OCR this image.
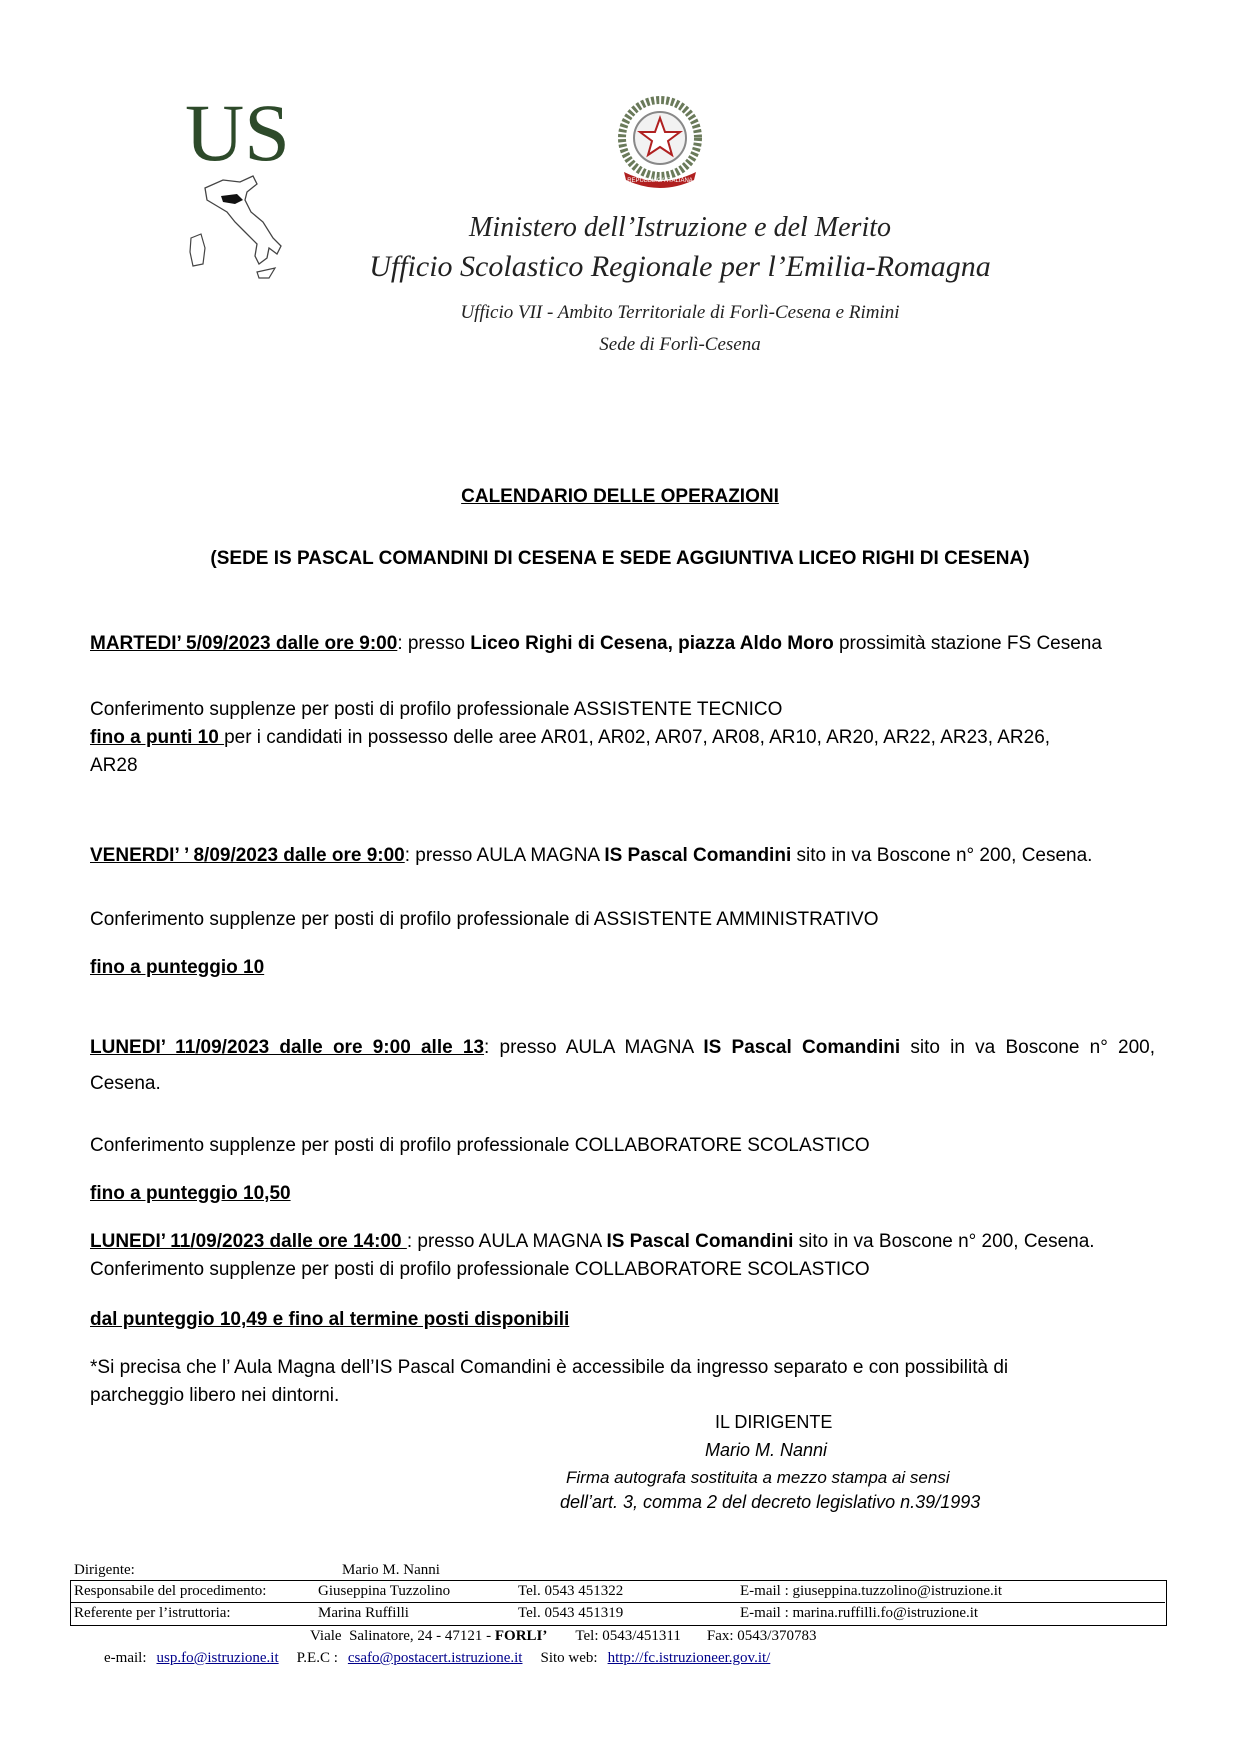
US
REPUBBLICA ITALIANA
Ministero dell’Istruzione e del Merito
Ufficio Scolastico Regionale per l’Emilia-Romagna
Ufficio VII - Ambito Territoriale di Forlì-Cesena e Rimini
Sede di Forlì-Cesena
CALENDARIO DELLE OPERAZIONI
(SEDE IS PASCAL COMANDINI DI CESENA E SEDE AGGIUNTIVA LICEO RIGHI DI CESENA)
MARTEDI’ 5/09/2023 dalle ore 9:00: presso Liceo Righi di Cesena, piazza Aldo Moro prossimità stazione FS Cesena
Conferimento supplenze per posti di profilo professionale ASSISTENTE TECNICO
fino a punti 10 per i candidati in possesso delle aree AR01, AR02, AR07, AR08, AR10, AR20, AR22, AR23, AR26,
AR28
VENERDI’ ’ 8/09/2023 dalle ore 9:00: presso AULA MAGNA IS Pascal Comandini sito in va Boscone n° 200, Cesena.
Conferimento supplenze per posti di profilo professionale di ASSISTENTE AMMINISTRATIVO
fino a punteggio 10
LUNEDI’ 11/09/2023 dalle ore 9:00 alle 13: presso AULA MAGNA IS Pascal Comandini sito in va Boscone n° 200,
Cesena.
Conferimento supplenze per posti di profilo professionale COLLABORATORE SCOLASTICO
fino a punteggio 10,50
LUNEDI’ 11/09/2023 dalle ore 14:00 : presso AULA MAGNA IS Pascal Comandini sito in va Boscone n° 200, Cesena.
Conferimento supplenze per posti di profilo professionale COLLABORATORE SCOLASTICO
dal punteggio 10,49 e fino al termine posti disponibili
*Si precisa che l’ Aula Magna dell’IS Pascal Comandini è accessibile da ingresso separato e con possibilità di
parcheggio libero nei dintorni.
IL DIRIGENTE
Mario M. Nanni
Firma autografa sostituita a mezzo stampa ai sensi
dell’art. 3, comma 2 del decreto legislativo n.39/1993
Dirigente:	Mario M. Nanni
Responsabile del procedimento:	Giuseppina Tuzzolino	Tel. 0543 451322	E-mail : giuseppina.tuzzolino@istruzione.it
Referente per l’istruttoria:	Marina Ruffilli	Tel. 0543 451319	E-mail : marina.ruffilli.fo@istruzione.it
Viale  Salinatore, 24 - 47121 - FORLI’ Tel: 0543/451311 Fax: 0543/370783
e-mail: usp.fo@istruzione.it P.E.C : csafo@postacert.istruzione.it Sito web: http://fc.istruzioneer.gov.it/
